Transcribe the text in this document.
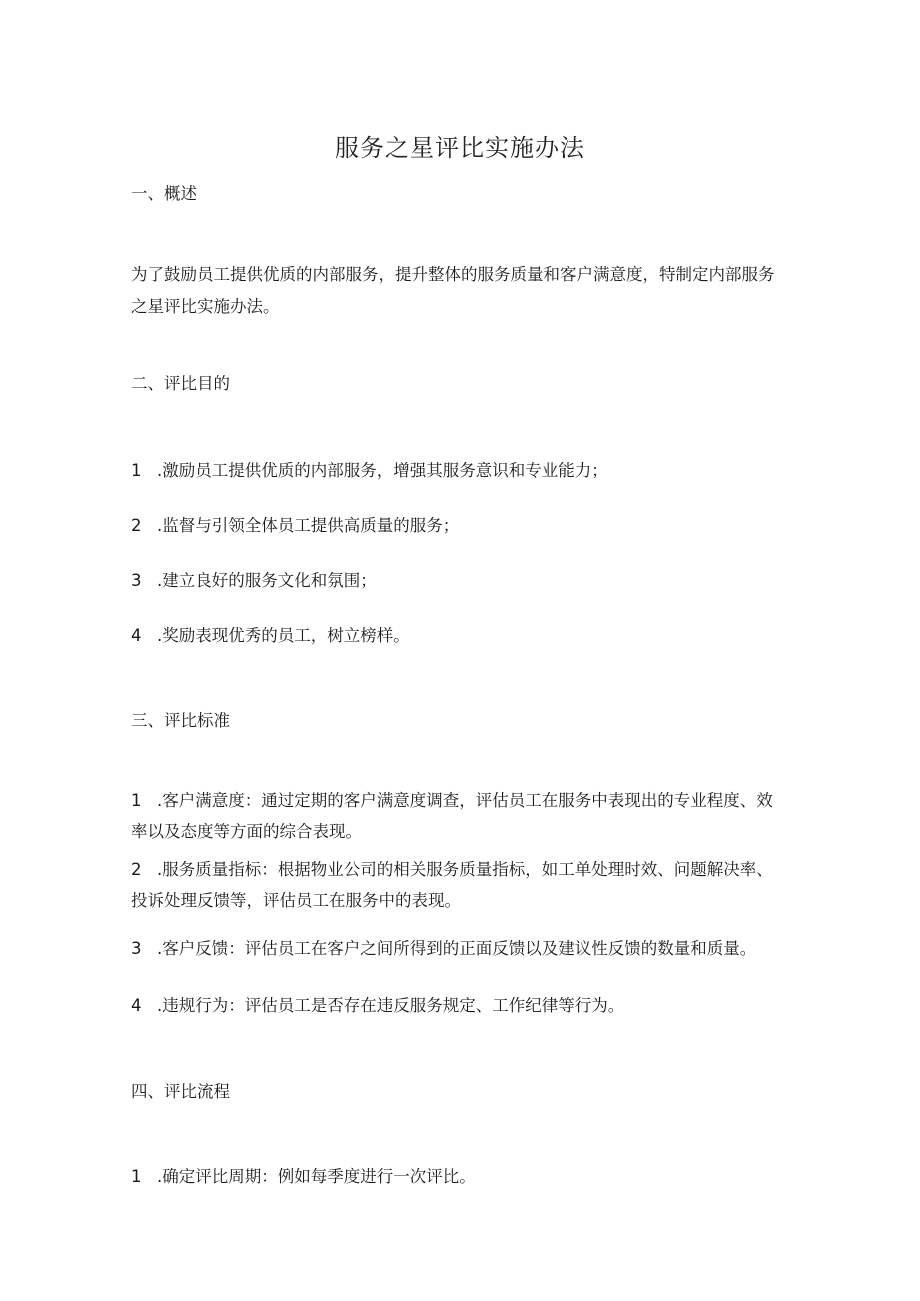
服务之星评比实施办法
一、概述
为了鼓励员工提供优质的内部服务，提升整体的服务质量和客户满意度，特制定内部服务之星评比实施办法。
二、评比目的
1 .激励员工提供优质的内部服务，增强其服务意识和专业能力；
2 .监督与引领全体员工提供高质量的服务；
3 .建立良好的服务文化和氛围；
4 .奖励表现优秀的员工，树立榜样。
三、评比标准
1 .客户满意度：通过定期的客户满意度调查，评估员工在服务中表现出的专业程度、效率以及态度等方面的综合表现。
2 .服务质量指标：根据物业公司的相关服务质量指标，如工单处理时效、问题解决率、投诉处理反馈等，评估员工在服务中的表现。
3 .客户反馈：评估员工在客户之间所得到的正面反馈以及建议性反馈的数量和质量。
4 .违规行为：评估员工是否存在违反服务规定、工作纪律等行为。
四、评比流程
1 .确定评比周期：例如每季度进行一次评比。
